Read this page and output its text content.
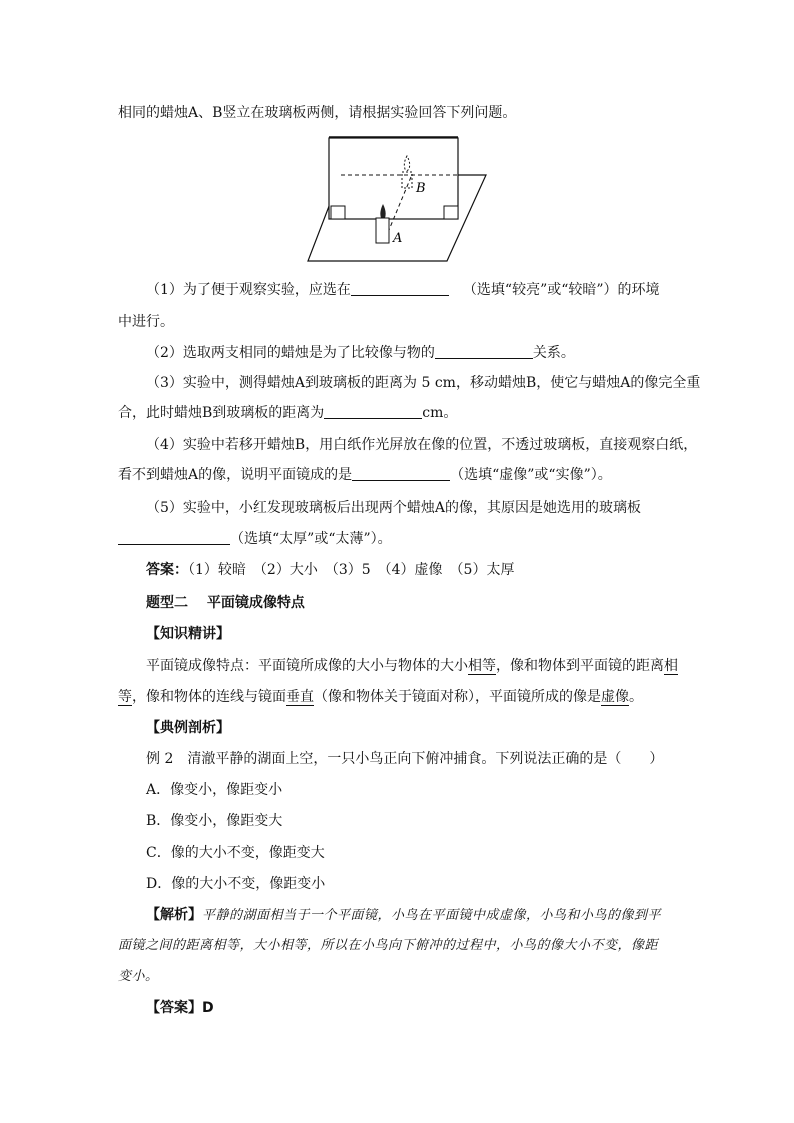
相同的蜡烛A、B竖立在玻璃板两侧，请根据实验回答下列问题。
B
A
（1）为了便于观察实验，应选在	（选填“较亮”或“较暗”）的环境
中进行。
（2）选取两支相同的蜡烛是为了比较像与物的	关系。
（3）实验中，测得蜡烛A到玻璃板的距离为 5 cm，移动蜡烛B，使它与蜡烛A的像完全重
合，此时蜡烛B到玻璃板的距离为	cm。
（4）实验中若移开蜡烛B，用白纸作光屏放在像的位置，不透过玻璃板，直接观察白纸，
看不到蜡烛A的像，说明平面镜成的是	（选填“虚像”或“实像”）。
（5）实验中，小红发现玻璃板后出现两个蜡烛A的像，其原因是她选用的玻璃板
（选填“太厚”或“太薄”）。
答案：（1）较暗　（2）大小　（3）5　（4）虚像　（5）太厚
题型二　 平面镜成像特点
【知识精讲】
平面镜成像特点：平面镜所成像的大小与物体的大小相等，像和物体到平面镜的距离相
等，像和物体的连线与镜面垂直（像和物体关于镜面对称），平面镜所成的像是虚像。
【典例剖析】
例 2　清澈平静的湖面上空，一只小鸟正向下俯冲捕食。下列说法正确的是（　　）
A．像变小，像距变小
B．像变小，像距变大
C．像的大小不变，像距变大
D．像的大小不变，像距变小
【解析】平静的湖面相当于一个平面镜，小鸟在平面镜中成虚像，小鸟和小鸟的像到平
面镜之间的距离相等，大小相等，所以在小鸟向下俯冲的过程中，小鸟的像大小不变，像距
变小。
【答案】D
